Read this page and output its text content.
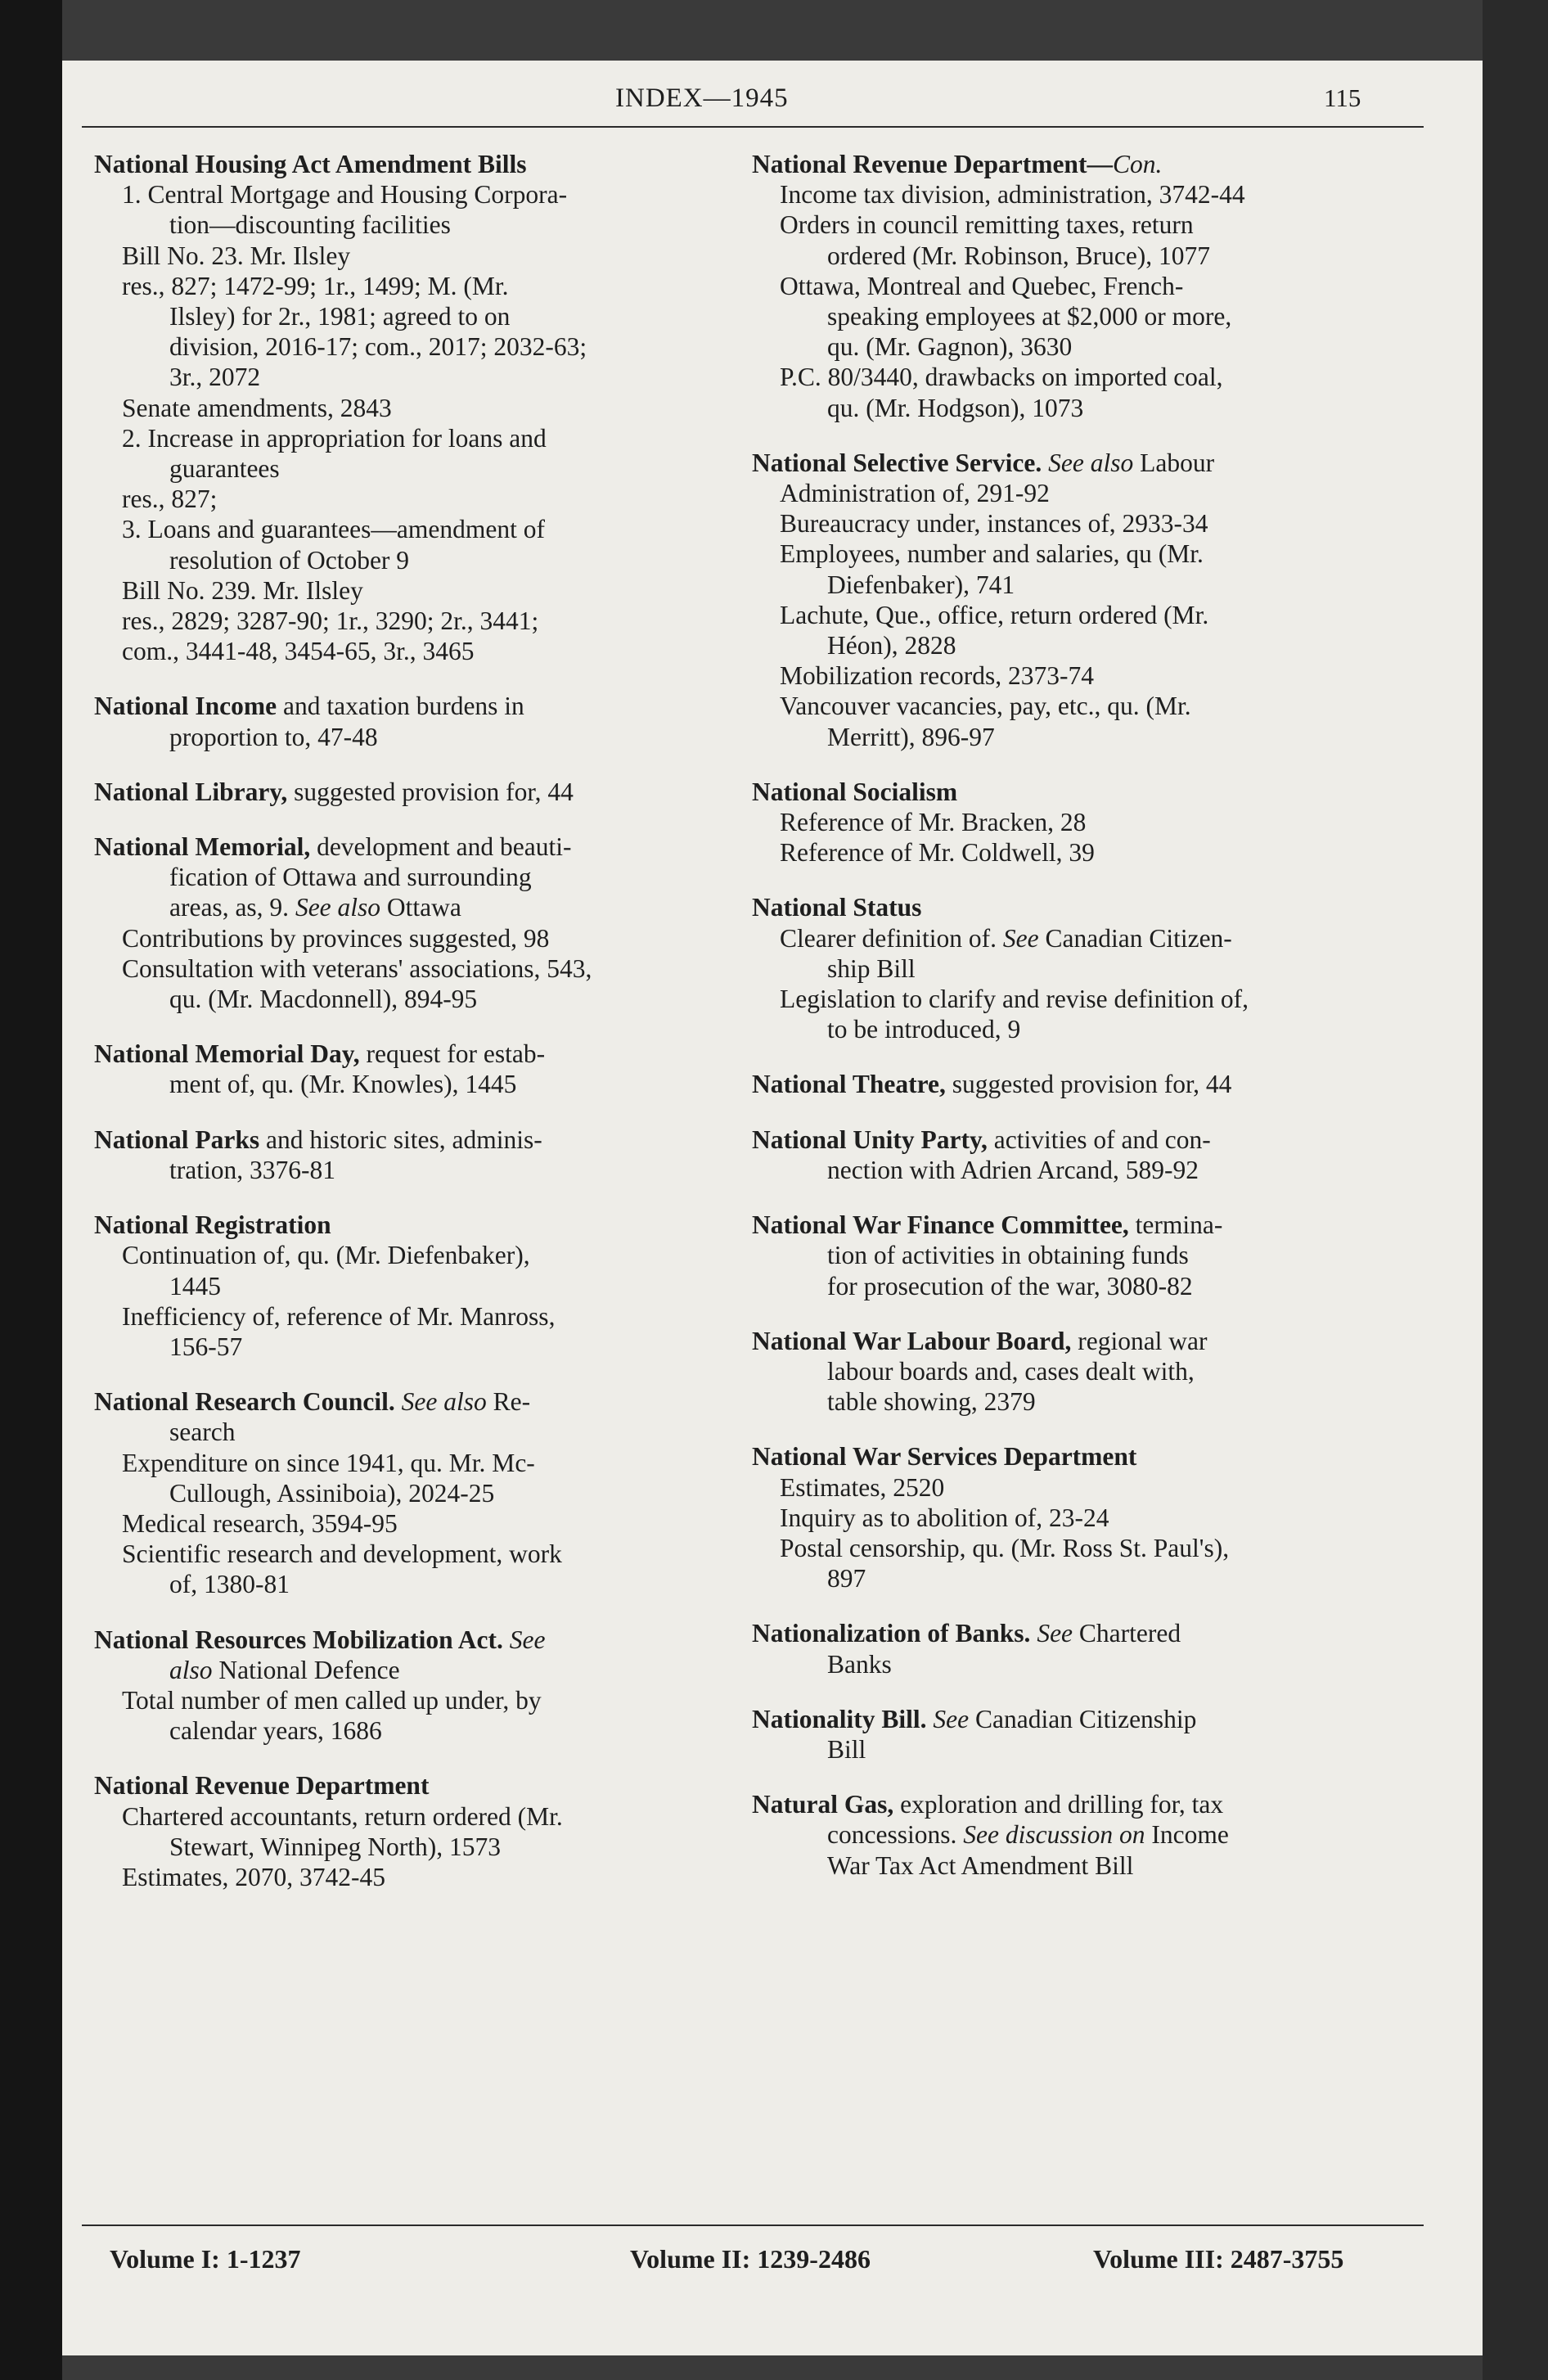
INDEX—1945	115
National Housing Act Amendment Bills
1. Central Mortgage and Housing Corpora-
tion—discounting facilities
Bill No. 23. Mr. Ilsley
res., 827; 1472-99; 1r., 1499; M. (Mr.
Ilsley) for 2r., 1981; agreed to on
division, 2016-17; com., 2017; 2032-63;
3r., 2072
Senate amendments, 2843
2. Increase in appropriation for loans and
guarantees
res., 827;
3. Loans and guarantees—amendment of
resolution of October 9
Bill No. 239. Mr. Ilsley
res., 2829; 3287-90; 1r., 3290; 2r., 3441;
com., 3441-48, 3454-65, 3r., 3465
National Income and taxation burdens in
proportion to, 47-48
National Library, suggested provision for, 44
National Memorial, development and beauti-
fication of Ottawa and surrounding
areas, as, 9. See also Ottawa
Contributions by provinces suggested, 98
Consultation with veterans' associations, 543,
qu. (Mr. Macdonnell), 894-95
National Memorial Day, request for estab-
ment of, qu. (Mr. Knowles), 1445
National Parks and historic sites, adminis-
tration, 3376-81
National Registration
Continuation of, qu. (Mr. Diefenbaker),
1445
Inefficiency of, reference of Mr. Manross,
156-57
National Research Council. See also Re-
search
Expenditure on since 1941, qu. Mr. Mc-
Cullough, Assiniboia), 2024-25
Medical research, 3594-95
Scientific research and development, work
of, 1380-81
National Resources Mobilization Act. See
also National Defence
Total number of men called up under, by
calendar years, 1686
National Revenue Department
Chartered accountants, return ordered (Mr.
Stewart, Winnipeg North), 1573
Estimates, 2070, 3742-45
National Revenue Department—Con.
Income tax division, administration, 3742-44
Orders in council remitting taxes, return
ordered (Mr. Robinson, Bruce), 1077
Ottawa, Montreal and Quebec, French-
speaking employees at $2,000 or more,
qu. (Mr. Gagnon), 3630
P.C. 80/3440, drawbacks on imported coal,
qu. (Mr. Hodgson), 1073
National Selective Service. See also Labour
Administration of, 291-92
Bureaucracy under, instances of, 2933-34
Employees, number and salaries, qu (Mr.
Diefenbaker), 741
Lachute, Que., office, return ordered (Mr.
Héon), 2828
Mobilization records, 2373-74
Vancouver vacancies, pay, etc., qu. (Mr.
Merritt), 896-97
National Socialism
Reference of Mr. Bracken, 28
Reference of Mr. Coldwell, 39
National Status
Clearer definition of. See Canadian Citizen-
ship Bill
Legislation to clarify and revise definition of,
to be introduced, 9
National Theatre, suggested provision for, 44
National Unity Party, activities of and con-
nection with Adrien Arcand, 589-92
National War Finance Committee, termina-
tion of activities in obtaining funds
for prosecution of the war, 3080-82
National War Labour Board, regional war
labour boards and, cases dealt with,
table showing, 2379
National War Services Department
Estimates, 2520
Inquiry as to abolition of, 23-24
Postal censorship, qu. (Mr. Ross St. Paul's),
897
Nationalization of Banks. See Chartered
Banks
Nationality Bill. See Canadian Citizenship
Bill
Natural Gas, exploration and drilling for, tax
concessions. See discussion on Income
War Tax Act Amendment Bill
Volume I: 1-1237	Volume II: 1239-2486	Volume III: 2487-3755
